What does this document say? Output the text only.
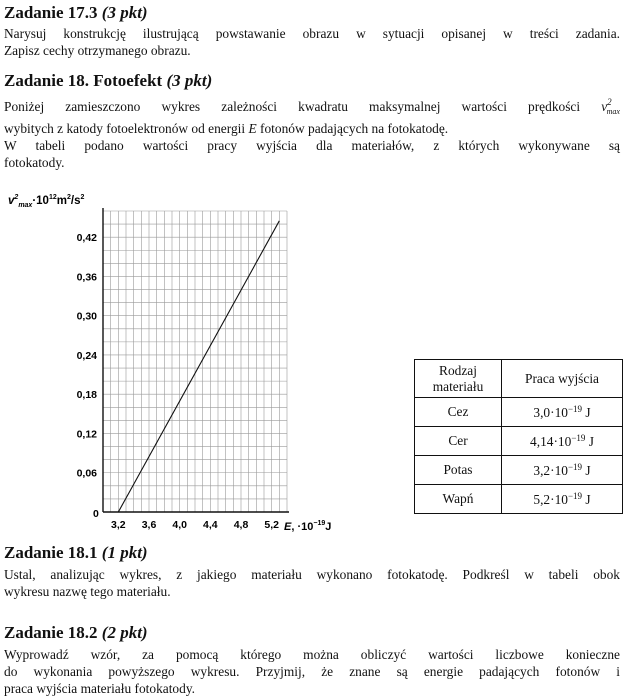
Zadanie 17.3 (3 pkt)

Narysuj konstrukcję ilustrującą powstawanie obrazu w sytuacji opisanej w treści zadania.
Zapisz cechy otrzymanego obrazu.

Zadanie 18. Fotoefekt (3 pkt)

Poniżej zamieszczono wykres zależności kwadratu maksymalnej wartości prędkości $v^2_{max}$
wybitych z katody fotoelektronów od energii E fotonów padających na fotokatodę.
W tabeli podano wartości pracy wyjścia dla materiałów, z których wykonywane są
fotokatody.

3,2 3,6 4,0 4,4 4,8 5,2
0,06
0,12
0,18
0,24
0,30
0,36
0,42
$v^2_{max}\cdot 10^{12}m^2/s^2$
E, $\cdot 10^{-19}J$
0
Rodzaj
materiału	Praca wyjścia
Cez	$3,0\cdot 10^{-19}$ J
Cer	$4,14\cdot 10^{-19}$ J
Potas	$3,2\cdot 10^{-19}$ J
Wapń	$5,2\cdot 10^{-19}$ J
Zadanie 18.1 (1 pkt)

Ustal, analizując wykres, z jakiego materiału wykonano fotokatodę. Podkreśl w tabeli obok
wykresu nazwę tego materiału.

Zadanie 18.2 (2 pkt)

Wyprowadź wzór, za pomocą którego można obliczyć wartości liczbowe konieczne
do wykonania powyższego wykresu. Przyjmij, że znane są energie padających fotonów i
praca wyjścia materiału fotokatody.
